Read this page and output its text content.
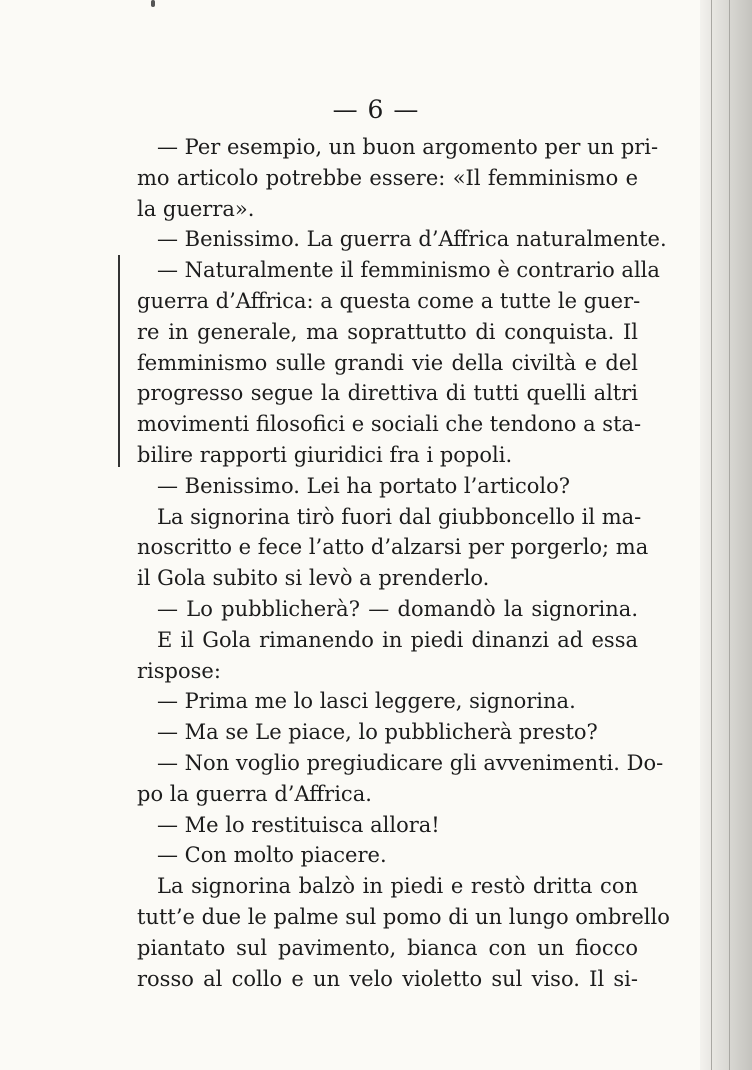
— 6 —
— Per esempio, un buon argomento per un pri-
mo articolo potrebbe essere: «Il femminismo e
la guerra».
— Benissimo. La guerra d’Affrica naturalmente.
— Naturalmente il femminismo è contrario alla
guerra d’Affrica: a questa come a tutte le guer-
re in generale, ma soprattutto di conquista. Il
femminismo sulle grandi vie della civiltà e del
progresso segue la direttiva di tutti quelli altri
movimenti filosofici e sociali che tendono a sta-
bilire rapporti giuridici fra i popoli.
— Benissimo. Lei ha portato l’articolo?
La signorina tirò fuori dal giubboncello il ma-
noscritto e fece l’atto d’alzarsi per porgerlo; ma
il Gola subito si levò a prenderlo.
— Lo pubblicherà? — domandò la signorina.
E il Gola rimanendo in piedi dinanzi ad essa
rispose:
— Prima me lo lasci leggere, signorina.
— Ma se Le piace, lo pubblicherà presto?
— Non voglio pregiudicare gli avvenimenti. Do-
po la guerra d’Affrica.
— Me lo restituisca allora!
— Con molto piacere.
La signorina balzò in piedi e restò dritta con
tutt’e due le palme sul pomo di un lungo ombrello
piantato sul pavimento, bianca con un fiocco
rosso al collo e un velo violetto sul viso. Il si-
